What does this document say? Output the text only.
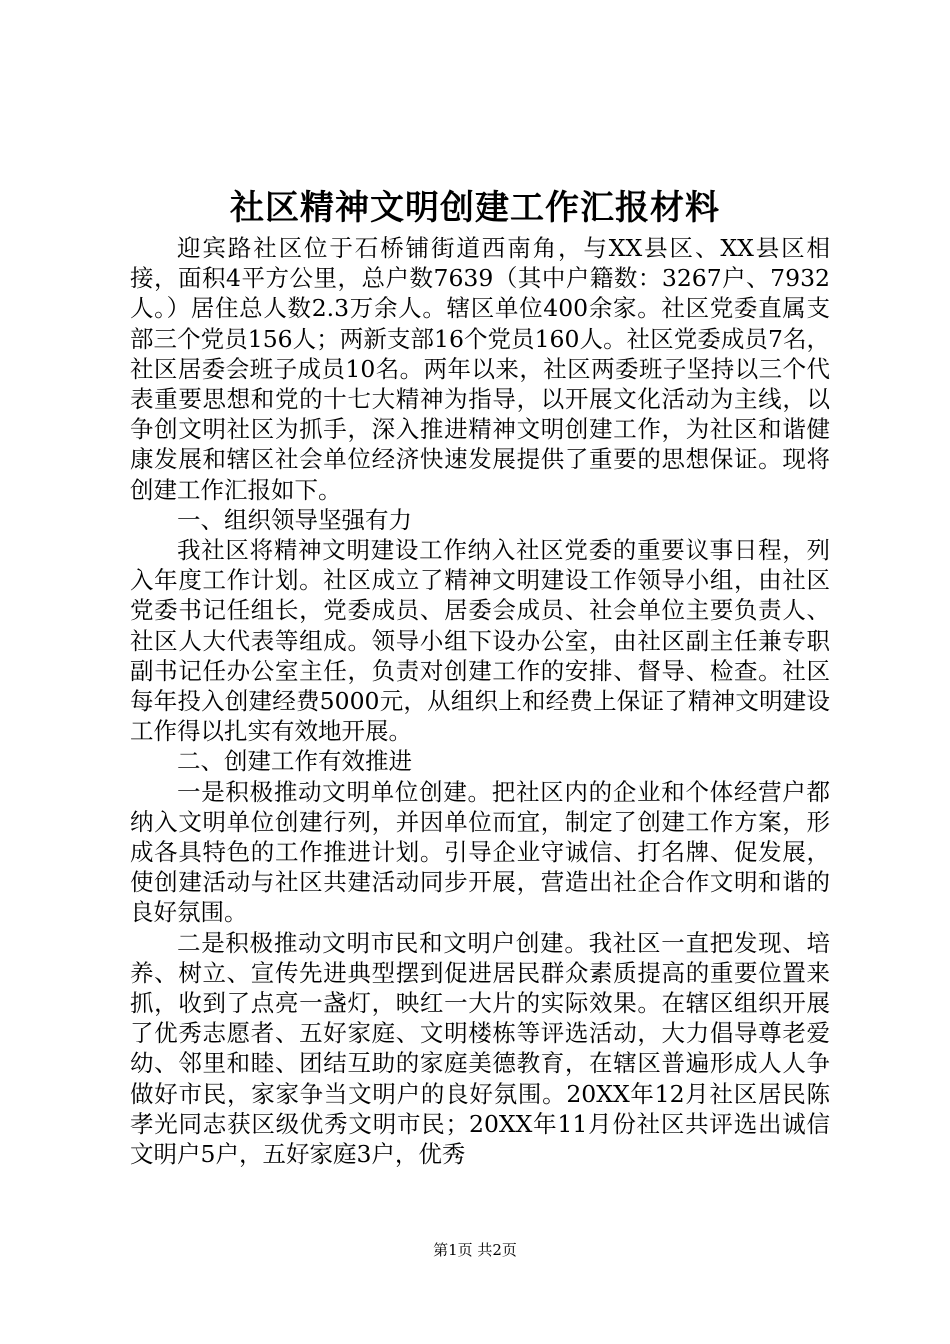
社区精神文明创建工作汇报材料

迎宾路社区位于石桥铺街道西南角，与XX县区、XX县区相接，面积4平方公里，总户数7639（其中户籍数：3267户、7932人。）居住总人数2.3万余人。辖区单位400余家。社区党委直属支部三个党员156人；两新支部16个党员160人。社区党委成员7名，社区居委会班子成员10名。两年以来，社区两委班子坚持以三个代表重要思想和党的十七大精神为指导，以开展文化活动为主线，以争创文明社区为抓手，深入推进精神文明创建工作，为社区和谐健康发展和辖区社会单位经济快速发展提供了重要的思想保证。现将创建工作汇报如下。

一、组织领导坚强有力

我社区将精神文明建设工作纳入社区党委的重要议事日程，列入年度工作计划。社区成立了精神文明建设工作领导小组，由社区党委书记任组长，党委成员、居委会成员、社会单位主要负责人、社区人大代表等组成。领导小组下设办公室，由社区副主任兼专职副书记任办公室主任，负责对创建工作的安排、督导、检查。社区每年投入创建经费5000元，从组织上和经费上保证了精神文明建设工作得以扎实有效地开展。

二、创建工作有效推进

一是积极推动文明单位创建。把社区内的企业和个体经营户都纳入文明单位创建行列，并因单位而宜，制定了创建工作方案，形成各具特色的工作推进计划。引导企业守诚信、打名牌、促发展，使创建活动与社区共建活动同步开展，营造出社企合作文明和谐的良好氛围。

二是积极推动文明市民和文明户创建。我社区一直把发现、培养、树立、宣传先进典型摆到促进居民群众素质提高的重要位置来抓，收到了点亮一盏灯，映红一大片的实际效果。在辖区组织开展了优秀志愿者、五好家庭、文明楼栋等评选活动，大力倡导尊老爱幼、邻里和睦、团结互助的家庭美德教育，在辖区普遍形成人人争做好市民，家家争当文明户的良好氛围。20XX年12月社区居民陈孝光同志获区级优秀文明市民；20XX年11月份社区共评选出诚信文明户5户，五好家庭3户，优秀

第1页 共2页
